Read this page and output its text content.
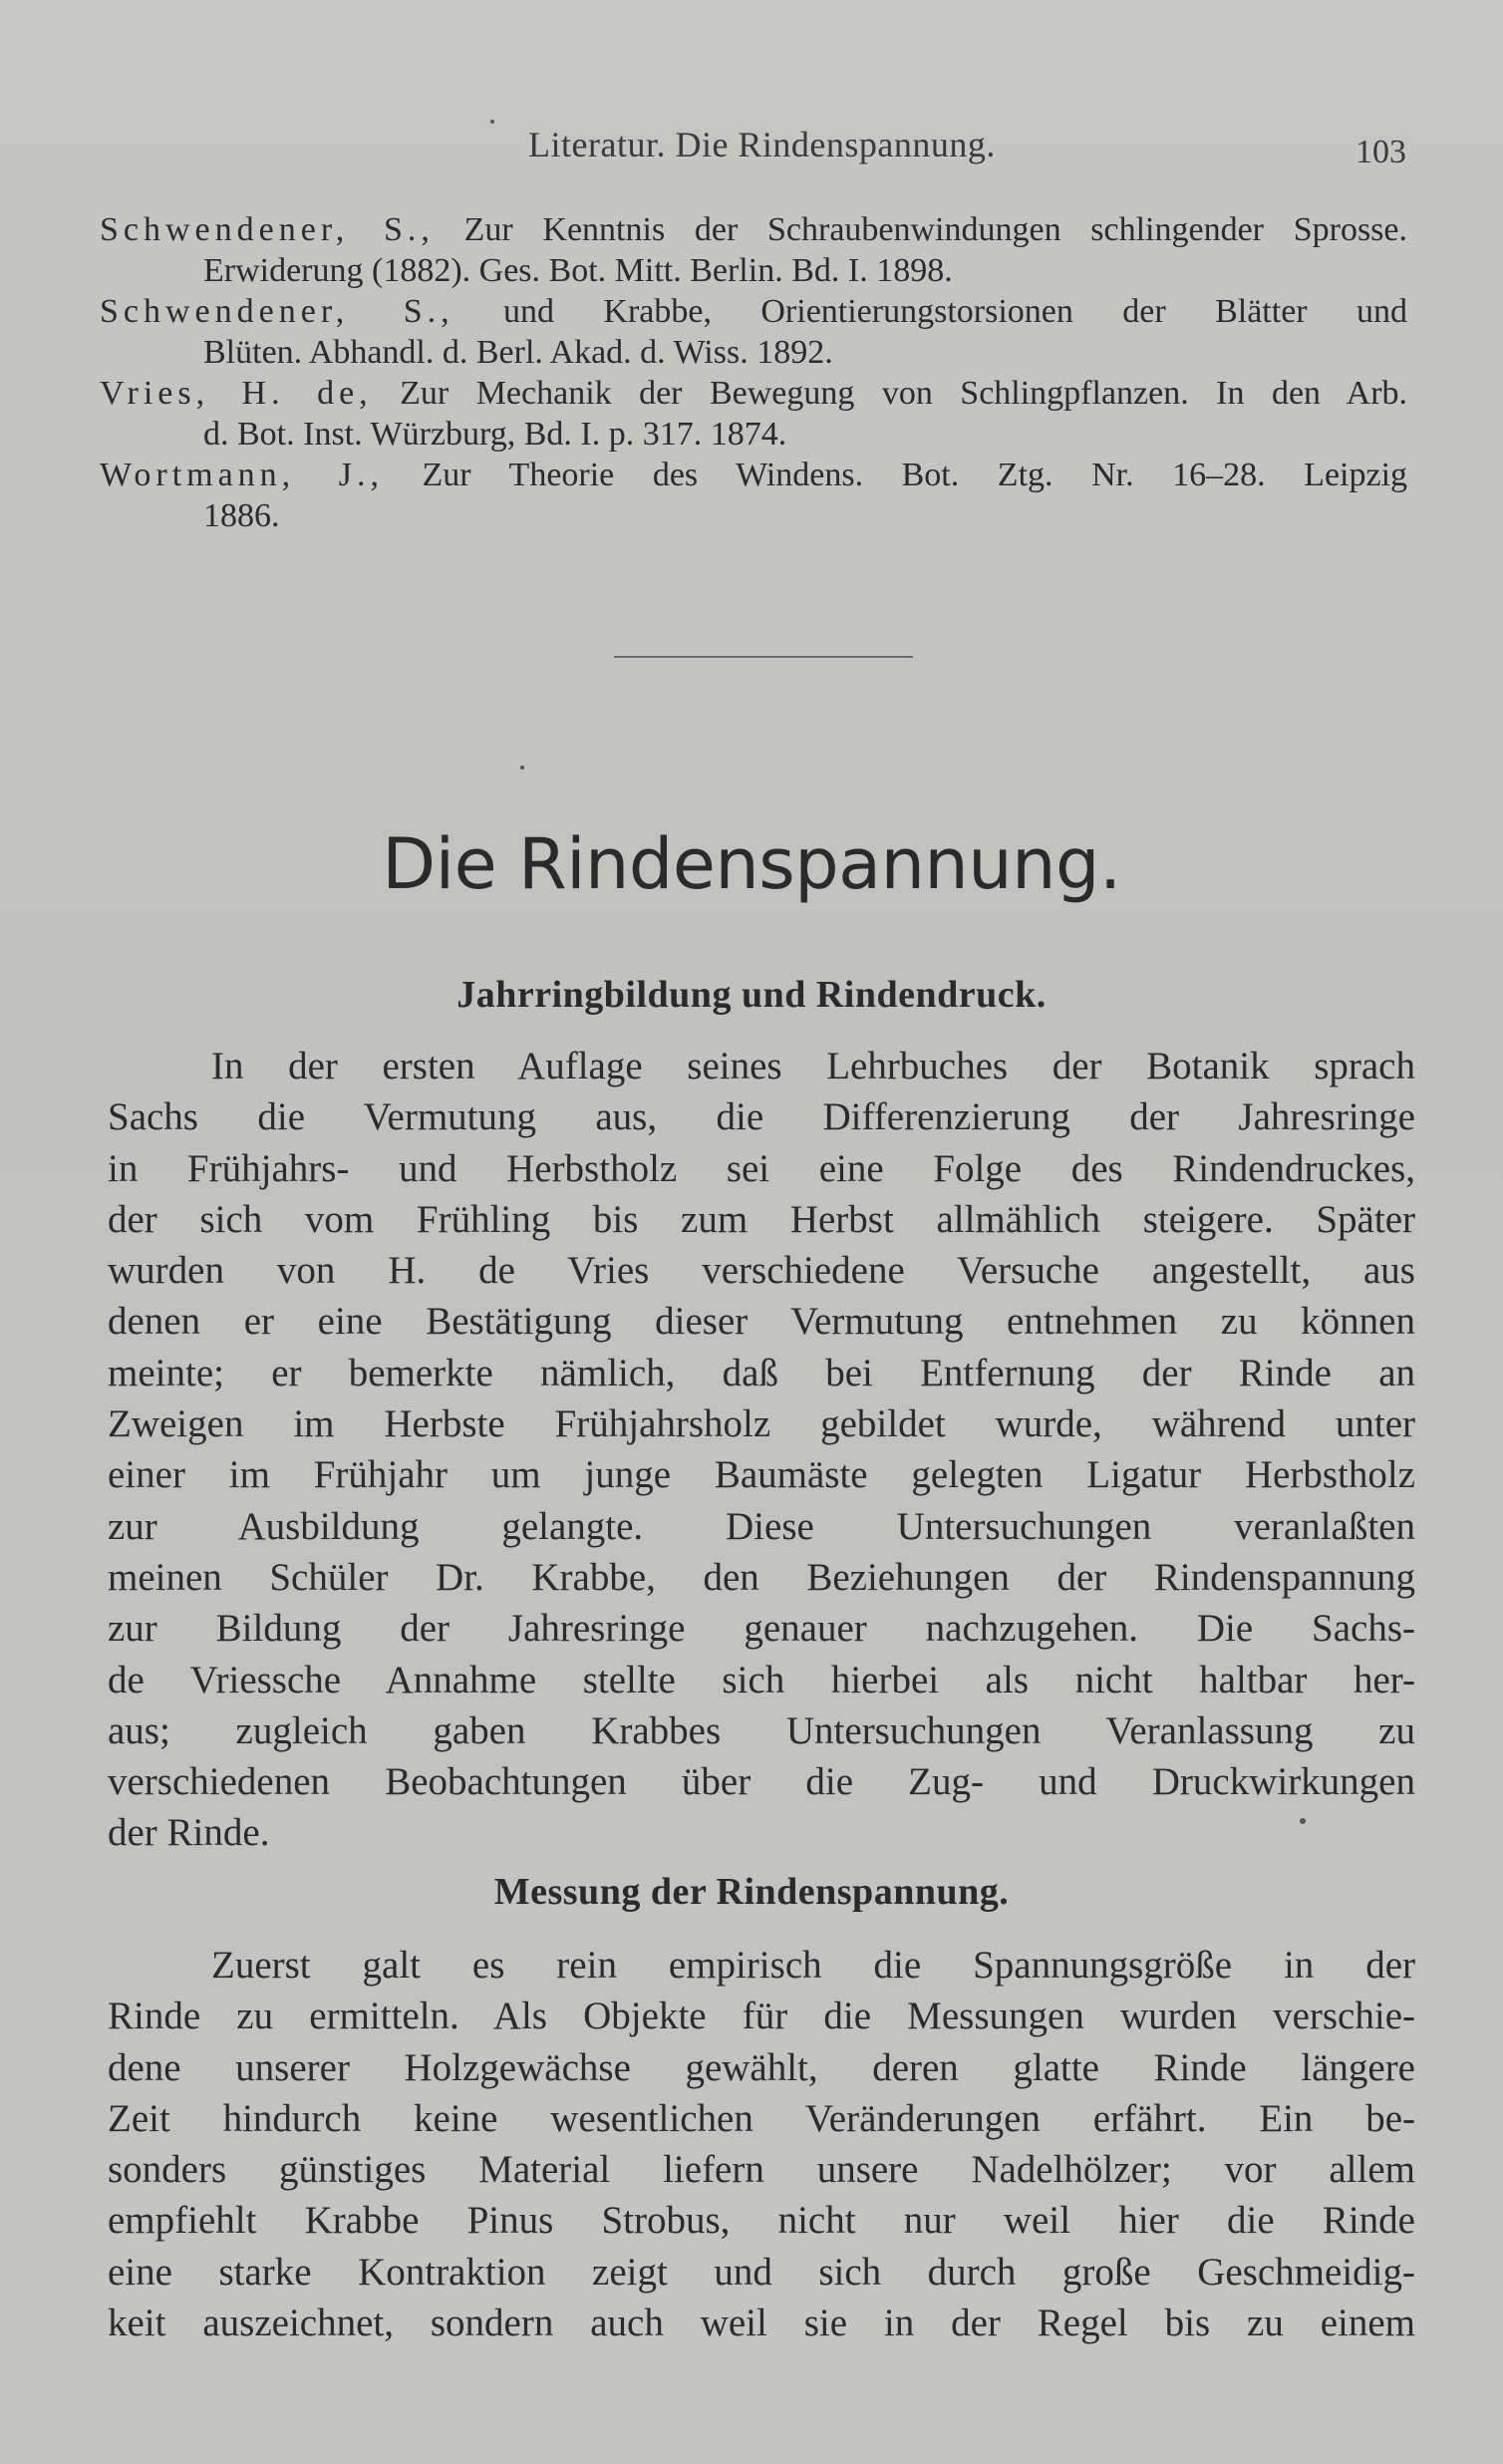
Literatur. Die Rindenspannung.	103
Schwendener, S., Zur Kenntnis der Schraubenwindungen schlingender Sprosse.
Erwiderung (1882). Ges. Bot. Mitt. Berlin. Bd. I. 1898.
Schwendener, S., und Krabbe, Orientierungstorsionen der Blätter und
Blüten. Abhandl. d. Berl. Akad. d. Wiss. 1892.
Vries, H. de, Zur Mechanik der Bewegung von Schlingpflanzen. In den Arb.
d. Bot. Inst. Würzburg, Bd. I. p. 317. 1874.
Wortmann, J., Zur Theorie des Windens. Bot. Ztg. Nr. 16–28. Leipzig
1886.
Die Rindenspannung.
Jahrringbildung und Rindendruck.
In der ersten Auflage seines Lehrbuches der Botanik sprach
Sachs die Vermutung aus, die Differenzierung der Jahresringe
in Frühjahrs- und Herbstholz sei eine Folge des Rindendruckes,
der sich vom Frühling bis zum Herbst allmählich steigere. Später
wurden von H. de Vries verschiedene Versuche angestellt, aus
denen er eine Bestätigung dieser Vermutung entnehmen zu können
meinte; er bemerkte nämlich, daß bei Entfernung der Rinde an
Zweigen im Herbste Frühjahrsholz gebildet wurde, während unter
einer im Frühjahr um junge Baumäste gelegten Ligatur Herbstholz
zur Ausbildung gelangte. Diese Untersuchungen veranlaßten
meinen Schüler Dr. Krabbe, den Beziehungen der Rindenspannung
zur Bildung der Jahresringe genauer nachzugehen. Die Sachs-
de Vriessche Annahme stellte sich hierbei als nicht haltbar her-
aus; zugleich gaben Krabbes Untersuchungen Veranlassung zu
verschiedenen Beobachtungen über die Zug- und Druckwirkungen
der Rinde.
Messung der Rindenspannung.
Zuerst galt es rein empirisch die Spannungsgröße in der
Rinde zu ermitteln. Als Objekte für die Messungen wurden verschie-
dene unserer Holzgewächse gewählt, deren glatte Rinde längere
Zeit hindurch keine wesentlichen Veränderungen erfährt. Ein be-
sonders günstiges Material liefern unsere Nadelhölzer; vor allem
empfiehlt Krabbe Pinus Strobus, nicht nur weil hier die Rinde
eine starke Kontraktion zeigt und sich durch große Geschmeidig-
keit auszeichnet, sondern auch weil sie in der Regel bis zu einem
